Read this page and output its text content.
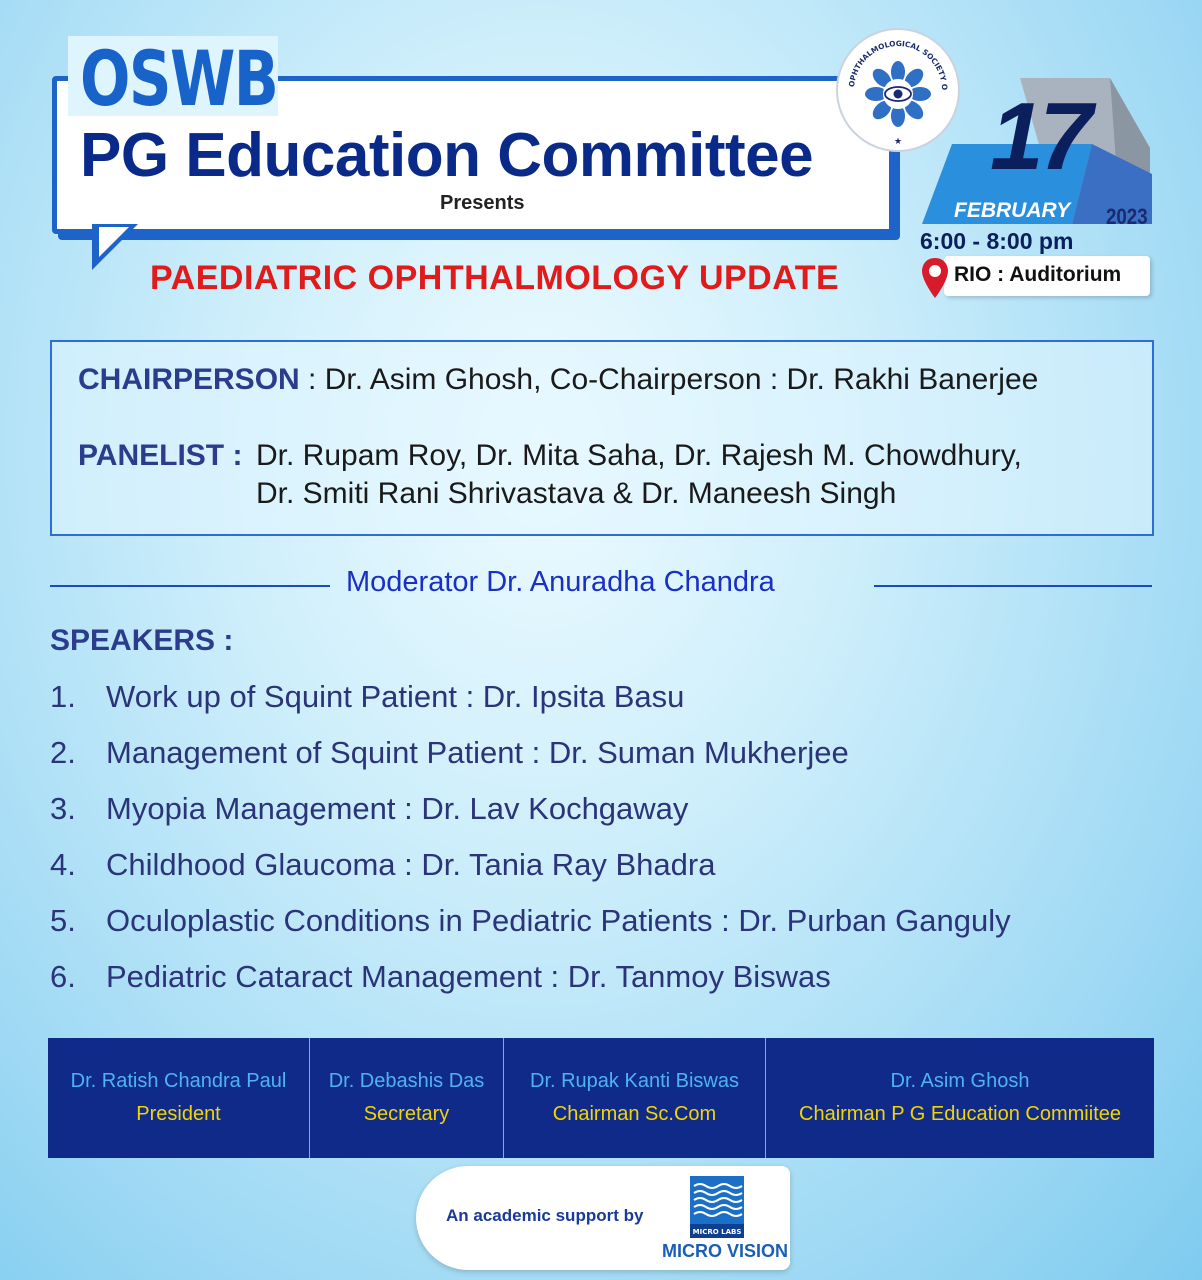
OSWB
PG Education Committee
Presents
OPHTHALMOLOGICAL SOCIETY O
★ 17
FEBRUARY 2023
6:00 - 8:00 pm
RIO : Auditorium
PAEDIATRIC OPHTHALMOLOGY UPDATE
CHAIRPERSON : Dr. Asim Ghosh, Co-Chairperson : Dr. Rakhi Banerjee
PANELIST : Dr. Rupam Roy, Dr. Mita Saha, Dr. Rajesh M. Chowdhury,
Dr. Smiti Rani Shrivastava & Dr. Maneesh Singh
Moderator Dr. Anuradha Chandra
SPEAKERS :
1. Work up of Squint Patient : Dr. Ipsita Basu
2. Management of Squint Patient : Dr. Suman Mukherjee
3. Myopia Management : Dr. Lav Kochgaway
4. Childhood Glaucoma : Dr. Tania Ray Bhadra
5. Oculoplastic Conditions in Pediatric Patients : Dr. Purban Ganguly
6. Pediatric Cataract Management : Dr. Tanmoy Biswas
Dr. Ratish Chandra Paul
President
Dr. Debashis Das
Secretary
Dr. Rupak Kanti Biswas
Chairman Sc.Com
Dr. Asim Ghosh
Chairman P G Education Commiitee
An academic support by
MICRO LABS
MICRO VISION
